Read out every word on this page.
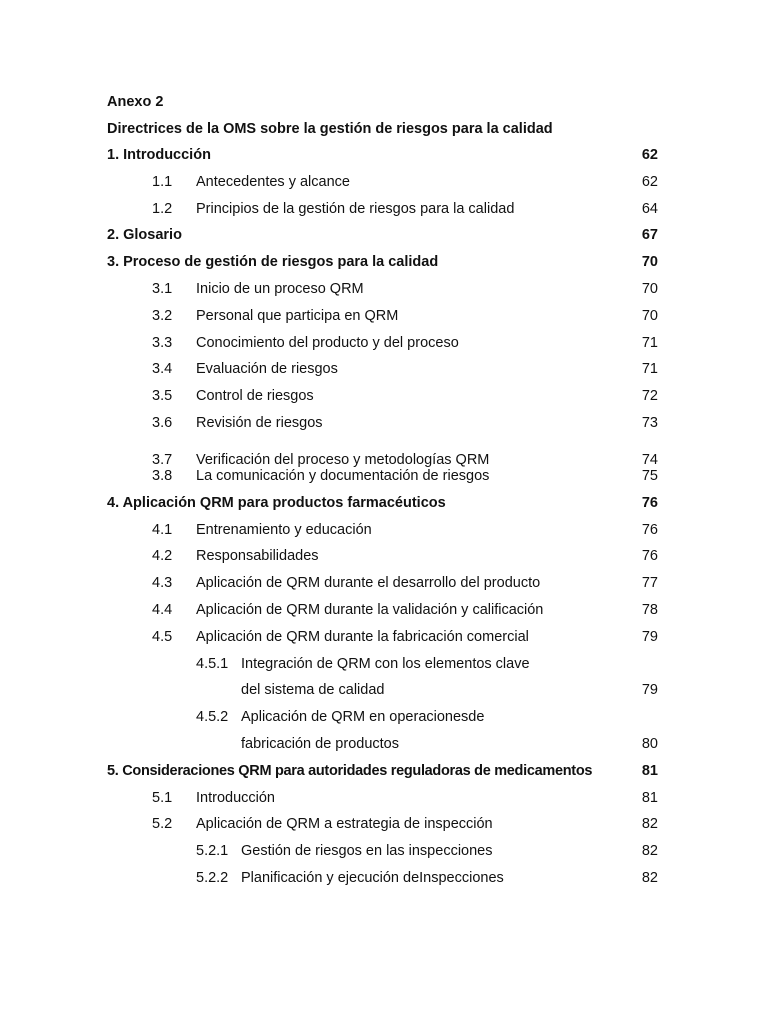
Anexo 2
Directrices de la OMS sobre la gestión de riesgos para la calidad
1. Introducción	62
1.1 Antecedentes y alcance	62
1.2 Principios de la gestión de riesgos para la calidad	64
2. Glosario	67
3. Proceso de gestión de riesgos para la calidad	70
3.1 Inicio de un proceso QRM	70
3.2 Personal que participa en QRM	70
3.3 Conocimiento del producto y del proceso	71
3.4 Evaluación de riesgos	71
3.5 Control de riesgos	72
3.6 Revisión de riesgos	73
3.7 Verificación del proceso y metodologías QRM	74
3.8 La comunicación y documentación de riesgos	75
4. Aplicación QRM para productos farmacéuticos	76
4.1 Entrenamiento y educación	76
4.2 Responsabilidades	76
4.3 Aplicación de QRM durante el desarrollo del producto	77
4.4 Aplicación de QRM durante la validación y calificación	78
4.5 Aplicación de QRM durante la fabricación comercial	79
4.5.1 Integración de QRM con los elementos clave
del sistema de calidad	79
4.5.2 Aplicación de QRM en operacionesde
fabricación de productos	80
5. Consideraciones QRM para autoridades reguladoras de medicamentos	81
5.1 Introducción	81
5.2 Aplicación de QRM a estrategia de inspección	82
5.2.1 Gestión de riesgos en las inspecciones	82
5.2.2 Planificación y ejecución deInspecciones	82
